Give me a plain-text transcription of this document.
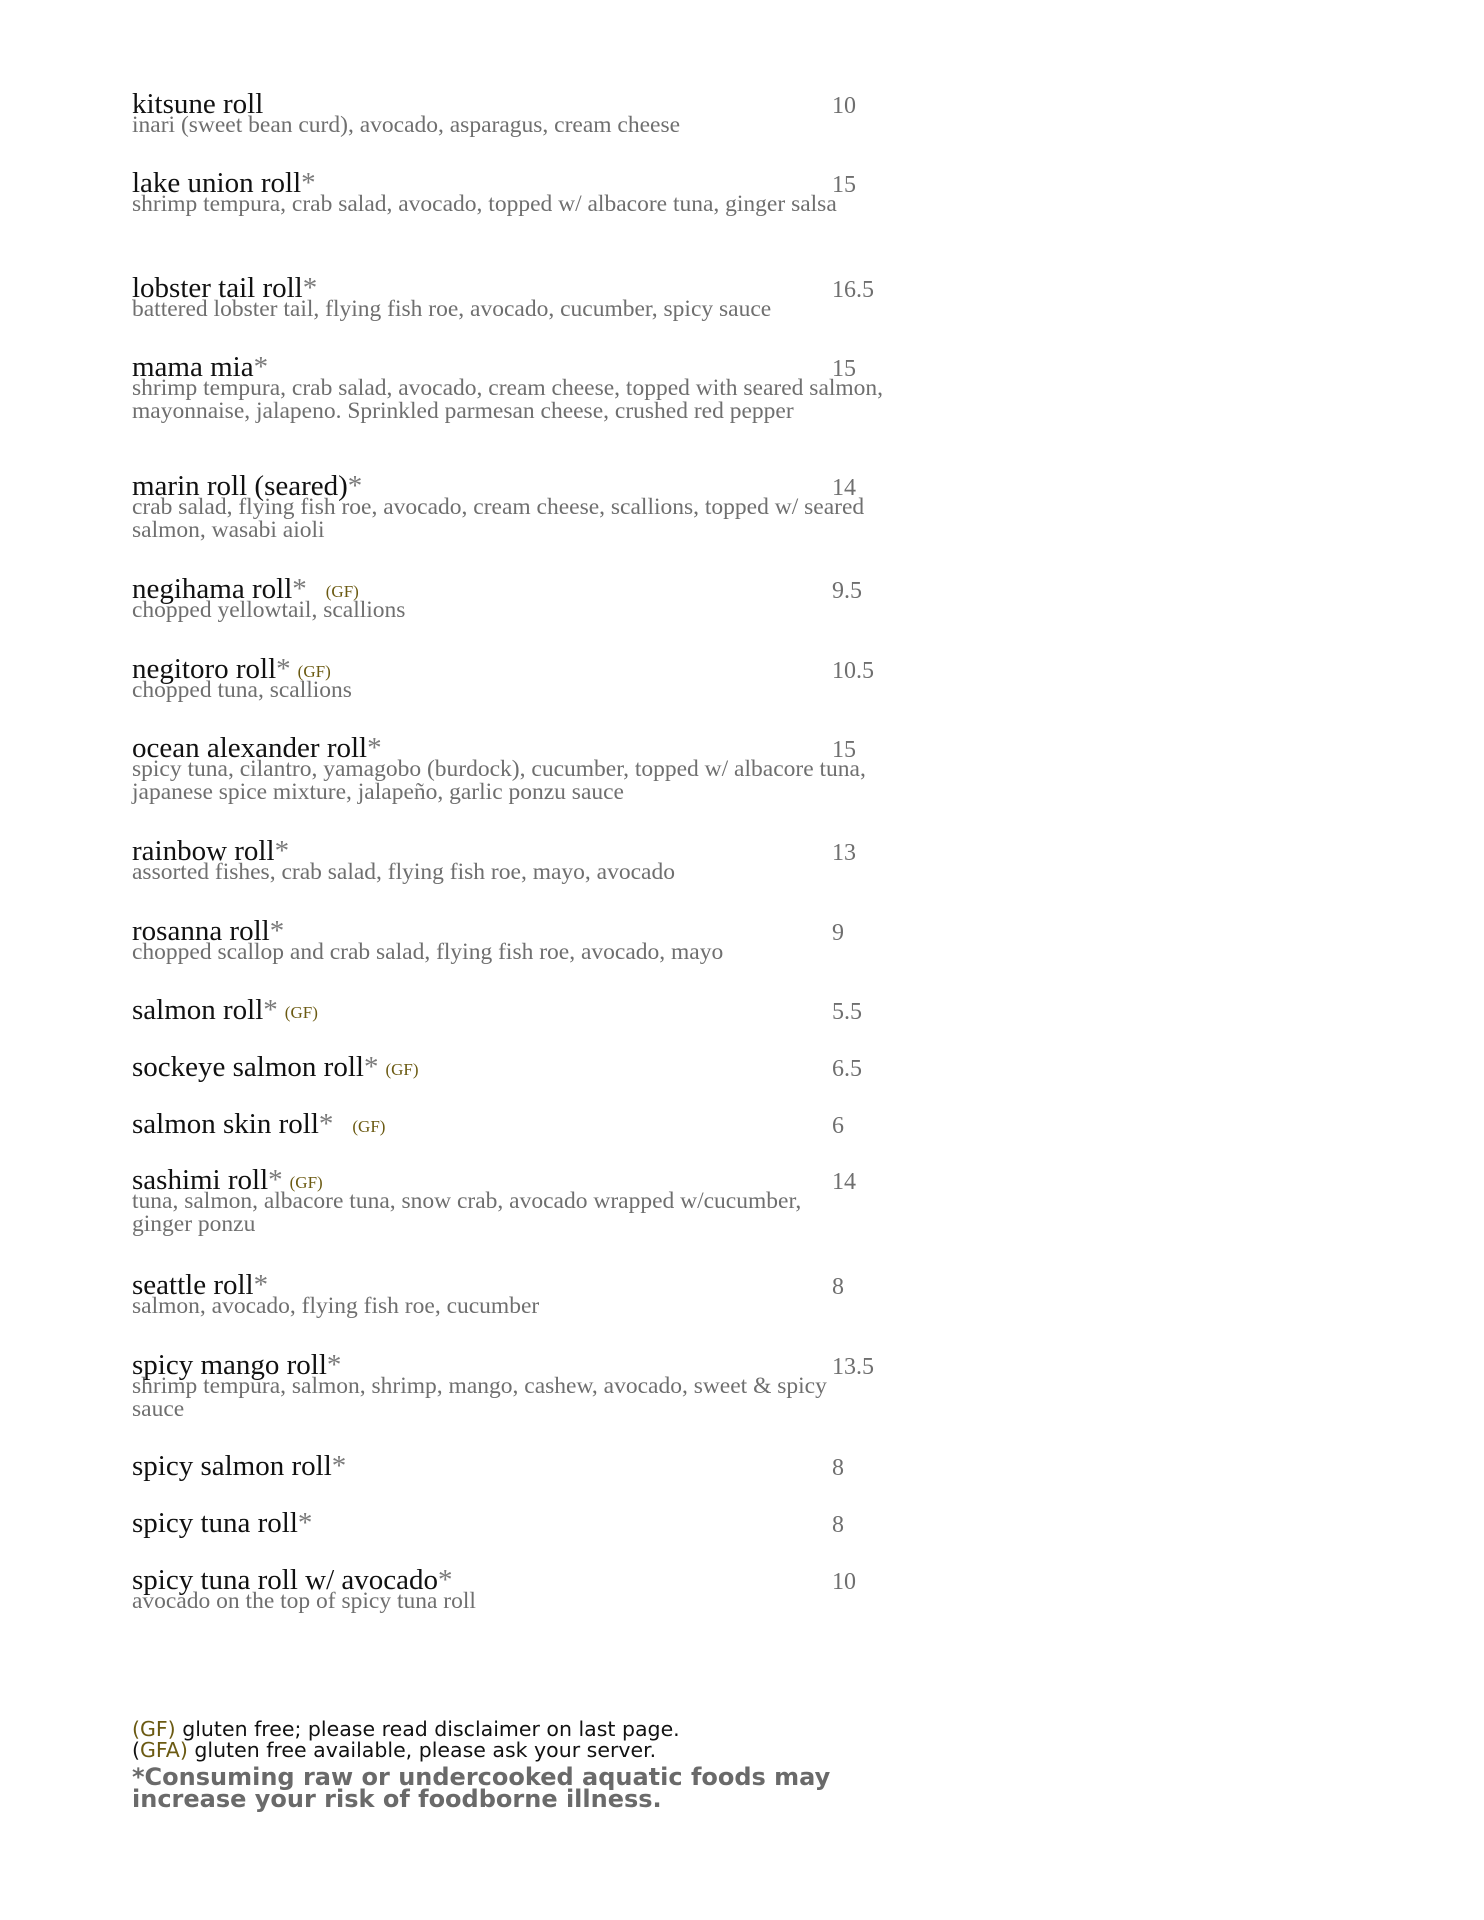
kitsune roll	10
inari (sweet bean curd), avocado, asparagus, cream cheese
lake union roll*	15
shrimp tempura, crab salad, avocado, topped w/ albacore tuna, ginger salsa
lobster tail roll*	16.5
battered lobster tail, flying fish roe, avocado, cucumber, spicy sauce
mama mia*	15
shrimp tempura, crab salad, avocado, cream cheese, topped with seared salmon, mayonnaise, jalapeno. Sprinkled parmesan cheese, crushed red pepper
marin roll (seared)*	14
crab salad, flying fish roe, avocado, cream cheese, scallions, topped w/ seared salmon, wasabi aioli
negihama roll* (GF)	9.5
chopped yellowtail, scallions
negitoro roll* (GF)	10.5
chopped tuna, scallions
ocean alexander roll*	15
spicy tuna, cilantro, yamagobo (burdock), cucumber, topped w/ albacore tuna, japanese spice mixture, jalapeño, garlic ponzu sauce
rainbow roll*	13
assorted fishes, crab salad, flying fish roe, mayo, avocado
rosanna roll*	9
chopped scallop and crab salad, flying fish roe, avocado, mayo
salmon roll* (GF)	5.5
sockeye salmon roll* (GF)	6.5
salmon skin roll* (GF)	6
sashimi roll* (GF)	14
tuna, salmon, albacore tuna, snow crab, avocado wrapped w/cucumber, ginger ponzu
seattle roll*	8
salmon, avocado, flying fish roe, cucumber
spicy mango roll*	13.5
shrimp tempura, salmon, shrimp, mango, cashew, avocado, sweet & spicy sauce
spicy salmon roll*	8
spicy tuna roll*	8
spicy tuna roll w/ avocado*	10
avocado on the top of spicy tuna roll
(GF) gluten free; please read disclaimer on last page.
(GFA) gluten free available, please ask your server.
*Consuming raw or undercooked aquatic foods may increase your risk of foodborne illness.
